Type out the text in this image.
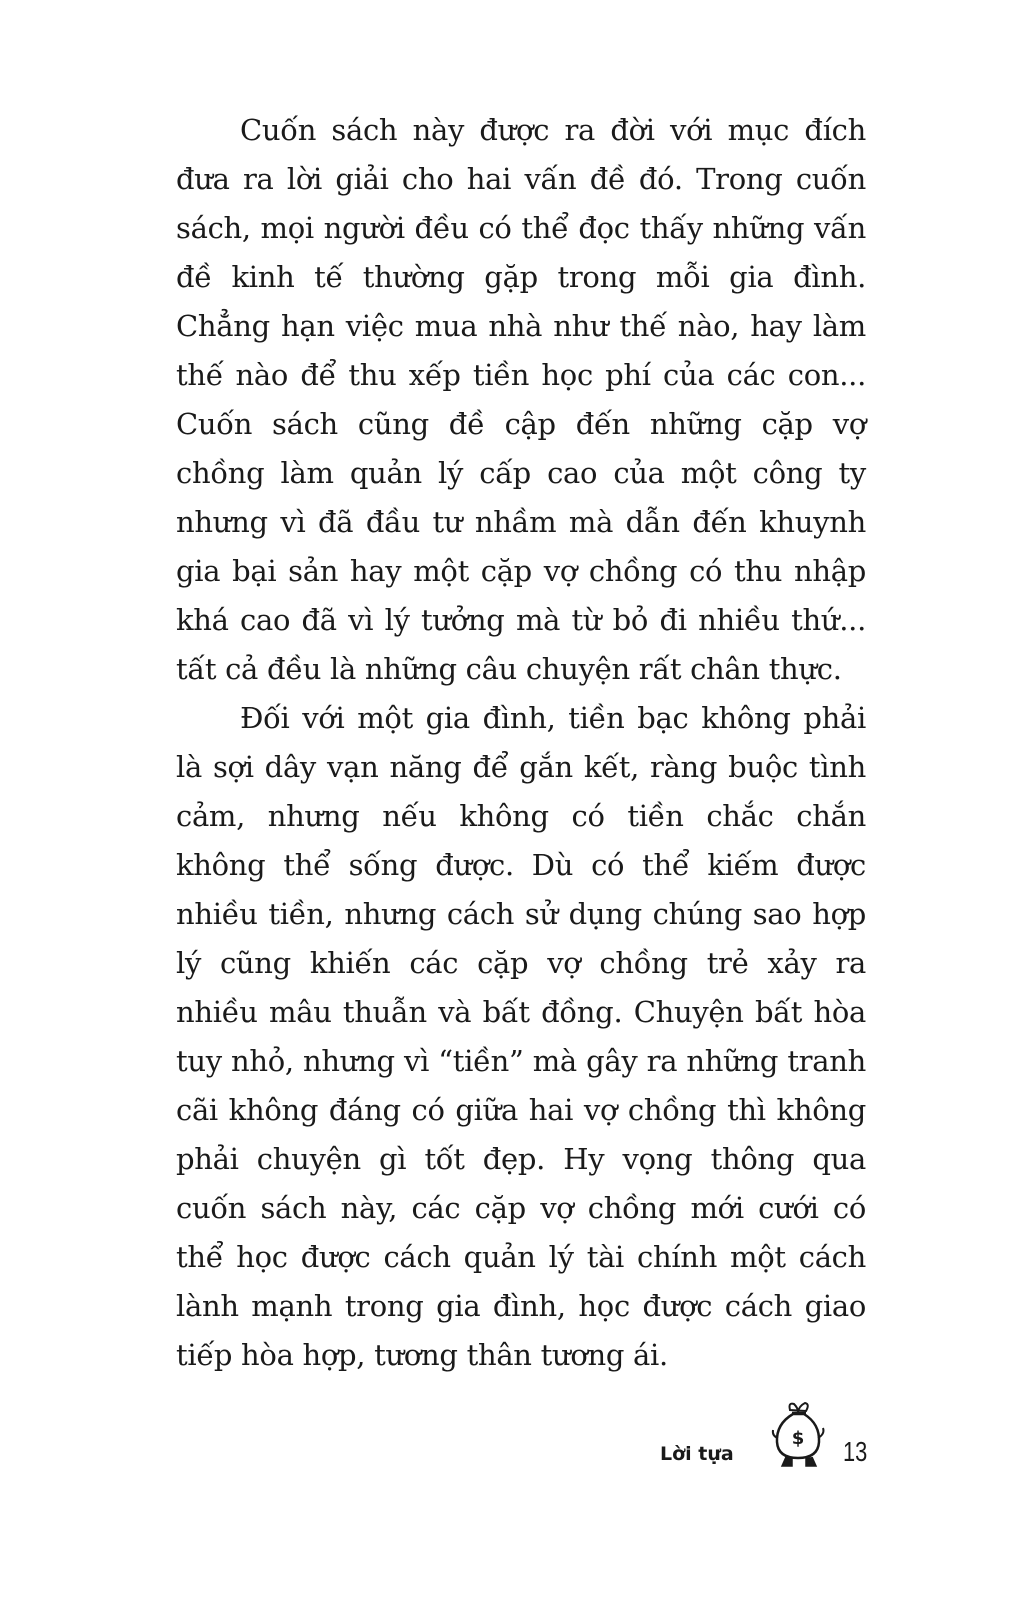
Cuốn sách này được ra đời với mục đích đưa ra lời giải cho hai vấn đề đó. Trong cuốn sách, mọi người đều có thể đọc thấy những vấn đề kinh tế thường gặp trong mỗi gia đình. Chẳng hạn việc mua nhà như thế nào, hay làm thế nào để thu xếp tiền học phí của các con... Cuốn sách cũng đề cập đến những cặp vợ chồng làm quản lý cấp cao của một công ty nhưng vì đã đầu tư nhầm mà dẫn đến khuynh gia bại sản hay một cặp vợ chồng có thu nhập khá cao đã vì lý tưởng mà từ bỏ đi nhiều thứ... tất cả đều là những câu chuyện rất chân thực.

Đối với một gia đình, tiền bạc không phải là sợi dây vạn năng để gắn kết, ràng buộc tình cảm, nhưng nếu không có tiền chắc chắn không thể sống được. Dù có thể kiếm được nhiều tiền, nhưng cách sử dụng chúng sao hợp lý cũng khiến các cặp vợ chồng trẻ xảy ra nhiều mâu thuẫn và bất đồng. Chuyện bất hòa tuy nhỏ, nhưng vì “tiền” mà gây ra những tranh cãi không đáng có giữa hai vợ chồng thì không phải chuyện gì tốt đẹp. Hy vọng thông qua cuốn sách này, các cặp vợ chồng mới cưới có thể học được cách quản lý tài chính một cách lành mạnh trong gia đình, học được cách giao tiếp hòa hợp, tương thân tương ái.

Lời tựa
$ 13
